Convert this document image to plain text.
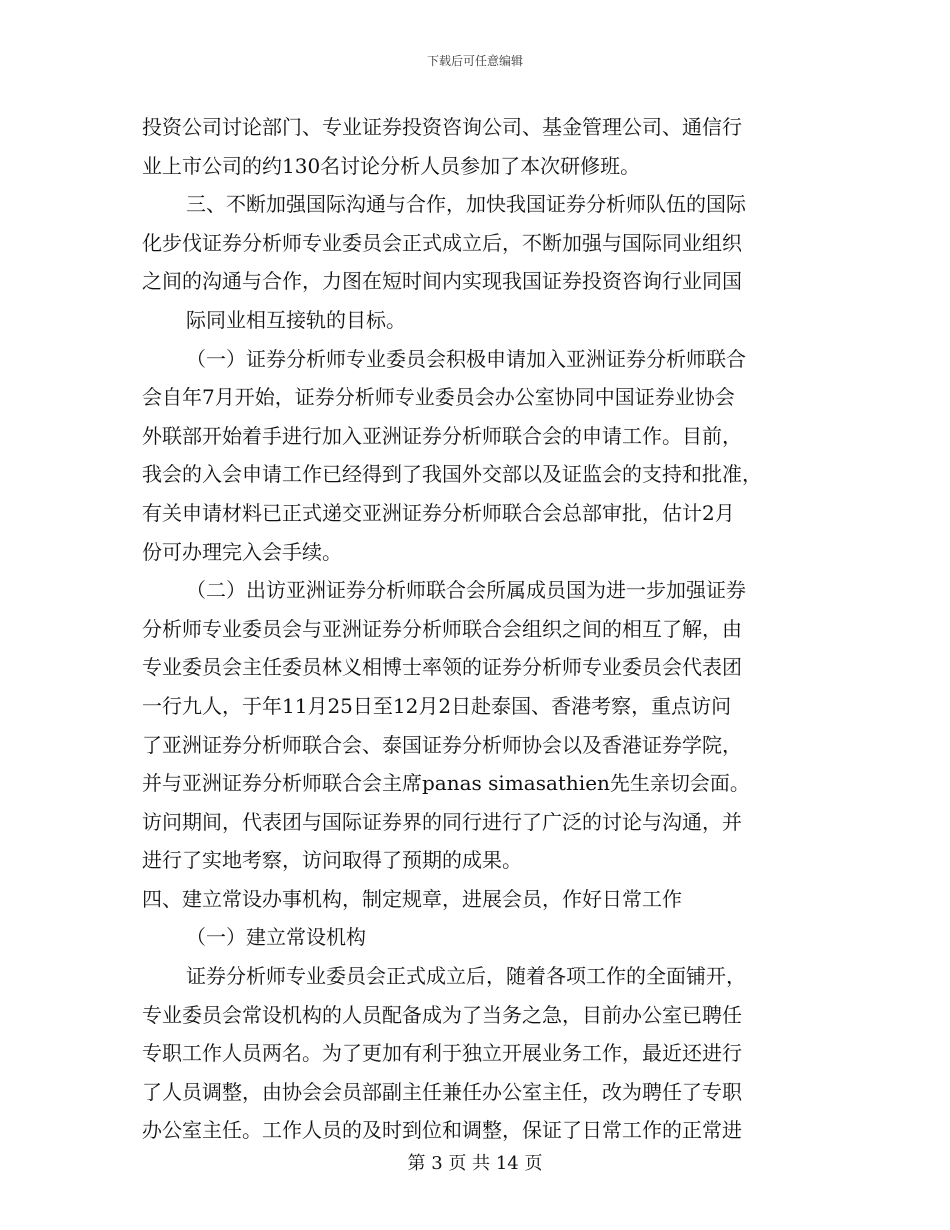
下载后可任意编辑
投资公司讨论部门、专业证券投资咨询公司、基金管理公司、通信行
业上市公司的约130名讨论分析人员参加了本次研修班。
三、不断加强国际沟通与合作，加快我国证券分析师队伍的国际
化步伐证券分析师专业委员会正式成立后，不断加强与国际同业组织
之间的沟通与合作，力图在短时间内实现我国证券投资咨询行业同国
际同业相互接轨的目标。
（一）证券分析师专业委员会积极申请加入亚洲证券分析师联合
会自年7月开始，证券分析师专业委员会办公室协同中国证券业协会
外联部开始着手进行加入亚洲证券分析师联合会的申请工作。目前，
我会的入会申请工作已经得到了我国外交部以及证监会的支持和批准，
有关申请材料已正式递交亚洲证券分析师联合会总部审批，估计2月
份可办理完入会手续。
（二）出访亚洲证券分析师联合会所属成员国为进一步加强证券
分析师专业委员会与亚洲证券分析师联合会组织之间的相互了解，由
专业委员会主任委员林义相博士率领的证券分析师专业委员会代表团
一行九人，于年11月25日至12月2日赴泰国、香港考察，重点访问
了亚洲证券分析师联合会、泰国证券分析师协会以及香港证券学院，
并与亚洲证券分析师联合会主席panas simasathien先生亲切会面。
访问期间，代表团与国际证券界的同行进行了广泛的讨论与沟通，并
进行了实地考察，访问取得了预期的成果。
四、建立常设办事机构，制定规章，进展会员，作好日常工作
（一）建立常设机构
证券分析师专业委员会正式成立后，随着各项工作的全面铺开，
专业委员会常设机构的人员配备成为了当务之急，目前办公室已聘任
专职工作人员两名。为了更加有利于独立开展业务工作，最近还进行
了人员调整，由协会会员部副主任兼任办公室主任，改为聘任了专职
办公室主任。工作人员的及时到位和调整，保证了日常工作的正常进
第 3 页 共 14 页
